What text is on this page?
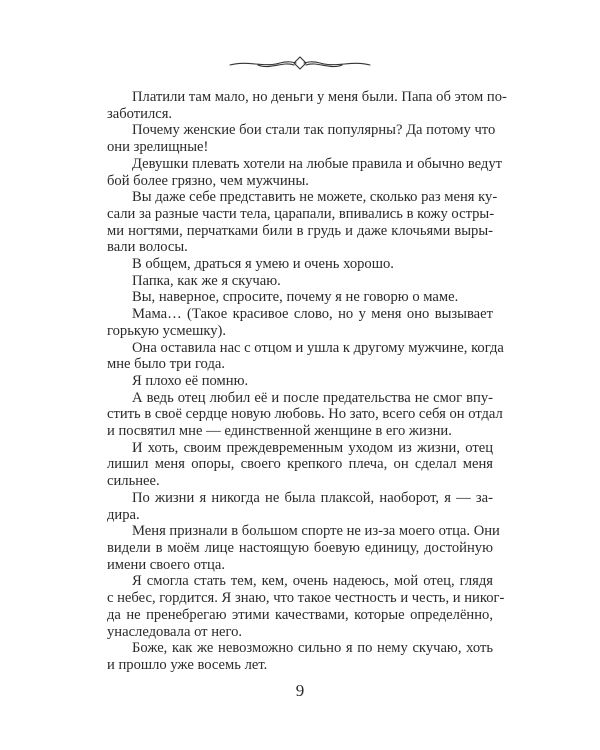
Платили там мало, но деньги у меня были. Папа об этом по-
заботился.
Почему женские бои стали так популярны? Да потому что
они зрелищные!
Девушки плевать хотели на любые правила и обычно ведут
бой более грязно, чем мужчины.
Вы даже себе представить не можете, сколько раз меня ку-
сали за разные части тела, царапали, впивались в кожу остры-
ми ногтями, перчатками били в грудь и даже клочьями выры-
вали волосы.
В общем, драться я умею и очень хорошо.
Папка, как же я скучаю.
Вы, наверное, спросите, почему я не говорю о маме.
Мама… (Такое красивое слово, но у меня оно вызывает
горькую усмешку).
Она оставила нас с отцом и ушла к другому мужчине, когда
мне было три года.
Я плохо её помню.
А ведь отец любил её и после предательства не смог впу-
стить в своё сердце новую любовь. Но зато, всего себя он отдал
и посвятил мне — единственной женщине в его жизни.
И хоть, своим преждевременным уходом из жизни, отец
лишил меня опоры, своего крепкого плеча, он сделал меня
сильнее.
По жизни я никогда не была плаксой, наоборот, я — за-
дира.
Меня признали в большом спорте не из-за моего отца. Они
видели в моём лице настоящую боевую единицу, достойную
имени своего отца.
Я смогла стать тем, кем, очень надеюсь, мой отец, глядя
с небес, гордится. Я знаю, что такое честность и честь, и никог-
да не пренебрегаю этими качествами, которые определённо,
унаследовала от него.
Боже, как же невозможно сильно я по нему скучаю, хоть
и прошло уже восемь лет.
9
